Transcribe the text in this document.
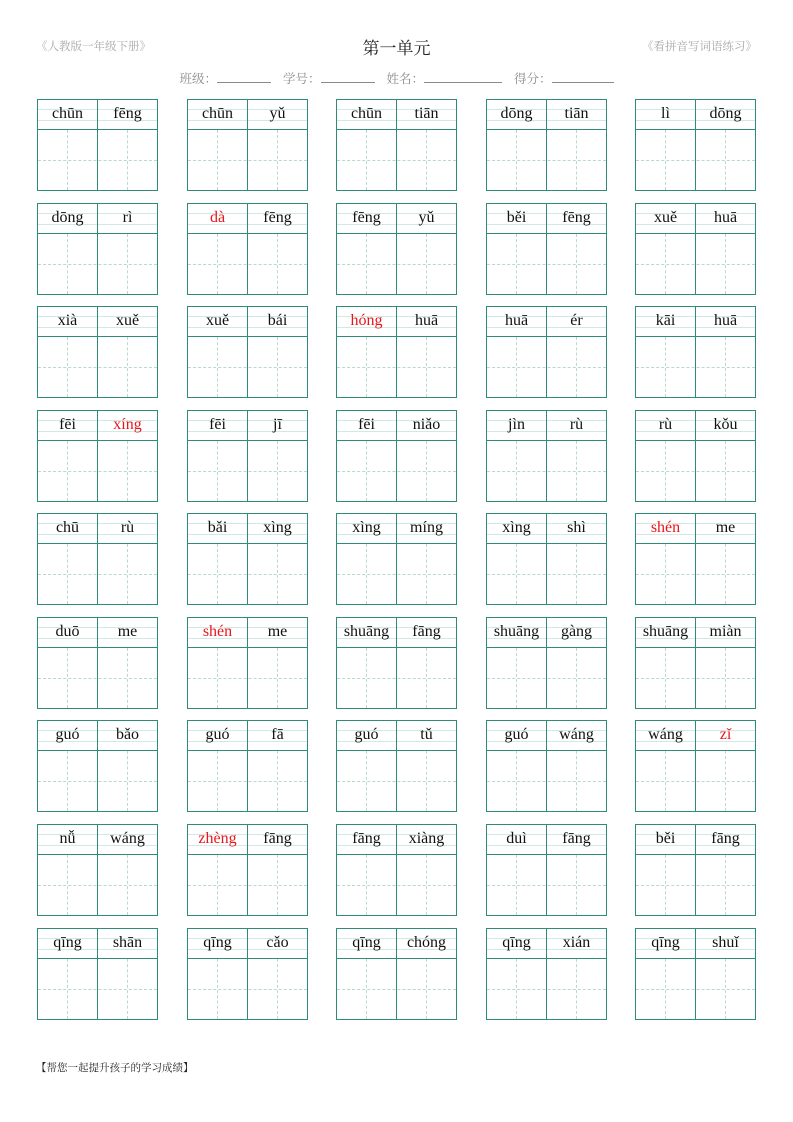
《人教版一年级下册》	第一单元	《看拼音写词语练习》
班级：	学号：	姓名：	得分：
chūn	fēng	chūn	yǔ	chūn	tiān	dōng	tiān	lì	dōng
dōng	rì	dà	fēng	fēng	yǔ	běi	fēng	xuě	huā
xià	xuě	xuě	bái	hóng	huā	huā	ér	kāi	huā
fēi	xíng	fēi	jī	fēi	niǎo	jìn	rù	rù	kǒu
chū	rù	bǎi	xìng	xìng	míng	xìng	shì	shén	me
duō	me	shén	me	shuāng	fāng	shuāng	gàng	shuāng	miàn
guó	bǎo	guó	fā	guó	tǔ	guó	wáng	wáng	zǐ
nǚ	wáng	zhèng	fāng	fāng	xiàng	duì	fāng	běi	fāng
qīng	shān	qīng	cǎo	qīng	chóng	qīng	xián	qīng	shuǐ
【帮您一起提升孩子的学习成绩】
